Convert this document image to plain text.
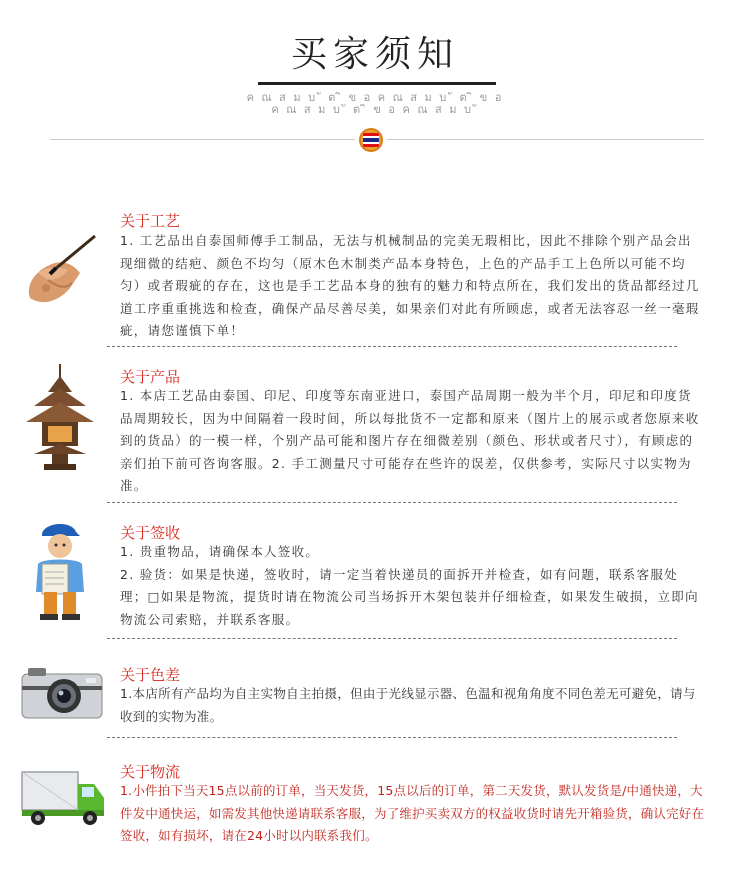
买家须知
ค ณ ส ม บ ั ต ิ ข อ ค ณ ส ม บ ั ต ิ ข อ
ค ณ ส ม บ ั ต ิ ข อ ค ณ ส ม บ ั
关于工艺
1. 工艺品出自泰国师傅手工制品，无法与机械制品的完美无瑕相比，因此不排除个别产品会出现细微的结疤、颜色不均匀（原木色木制类产品本身特色，上色的产品手工上色所以可能不均匀）或者瑕疵的存在，这也是手工艺品本身的独有的魅力和特点所在，我们发出的货品都经过几道工序重重挑选和检查，确保产品尽善尽美，如果亲们对此有所顾虑，或者无法容忍一丝一毫瑕疵，请您谨慎下单！
关于产品
1. 本店工艺品由泰国、印尼、印度等东南亚进口，泰国产品周期一般为半个月，印尼和印度货品周期较长，因为中间隔着一段时间，所以每批货不一定都和原来（图片上的展示或者您原来收到的货品）的一模一样，个别产品可能和图片存在细微差别（颜色、形状或者尺寸），有顾虑的亲们拍下前可咨询客服。2. 手工测量尺寸可能存在些许的误差，仅供参考，实际尺寸以实物为准。
关于签收

1. 贵重物品，请确保本人签收。

2. 验货：如果是快递，签收时，请一定当着快递员的面拆开并检查，如有问题，联系客服处理；□如果是物流，提货时请在物流公司当场拆开木架包装并仔细检查，如果发生破损，立即向物流公司索赔，并联系客服。

关于色差
1.本店所有产品均为自主实物自主拍摄，但由于光线显示器、色温和视角角度不同色差无可避免，请与收到的实物为准。
关于物流
1.小件拍下当天15点以前的订单，当天发货，15点以后的订单，第二天发货，默认发货是/中通快递，大件发中通快运，如需发其他快递请联系客服，为了维护买卖双方的权益收货时请先开箱验货，确认完好在签收，如有损坏，请在24小时以内联系我们。
